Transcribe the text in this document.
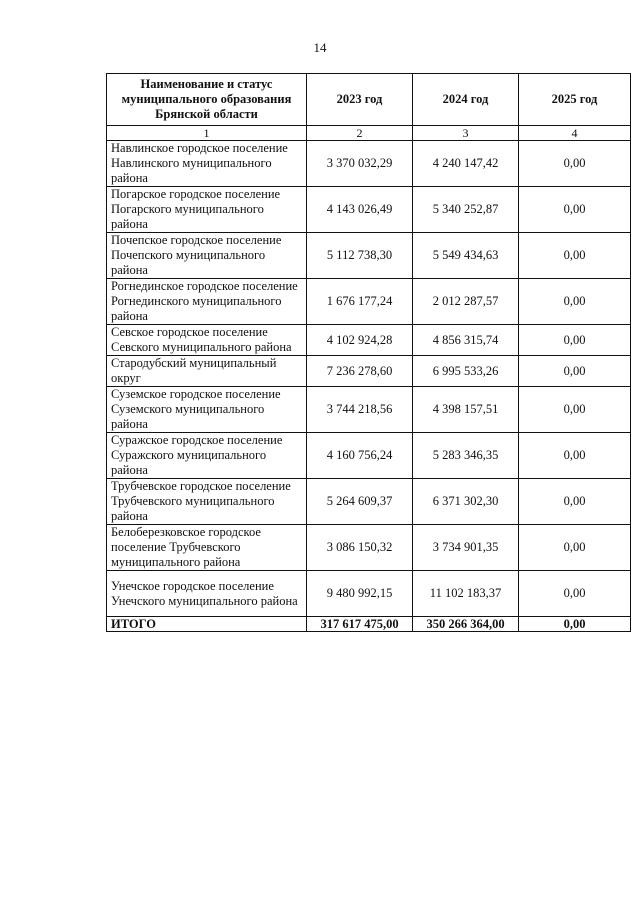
14
Наименование и статус муниципального образования Брянской области	2023 год	2024 год	2025 год
1	2	3	4
Навлинское городское поселение Навлинского муниципального района	3 370 032,29	4 240 147,42	0,00
Погарское городское поселение Погарского муниципального района	4 143 026,49	5 340 252,87	0,00
Почепское городское поселение Почепского муниципального района	5 112 738,30	5 549 434,63	0,00
Рогнединское городское поселение Рогнединского муниципального района	1 676 177,24	2 012 287,57	0,00
Севское городское поселение Севского муниципального района	4 102 924,28	4 856 315,74	0,00
Стародубский муниципальный округ	7 236 278,60	6 995 533,26	0,00
Суземское городское поселение Суземского муниципального района	3 744 218,56	4 398 157,51	0,00
Суражское городское поселение Суражского муниципального района	4 160 756,24	5 283 346,35	0,00
Трубчевское городское поселение Трубчевского муниципального района	5 264 609,37	6 371 302,30	0,00
Белоберезковское городское поселение Трубчевского муниципального района	3 086 150,32	3 734 901,35	0,00
Унечское городское поселение Унечского муниципального района	9 480 992,15	11 102 183,37	0,00
ИТОГО	317 617 475,00	350 266 364,00	0,00
